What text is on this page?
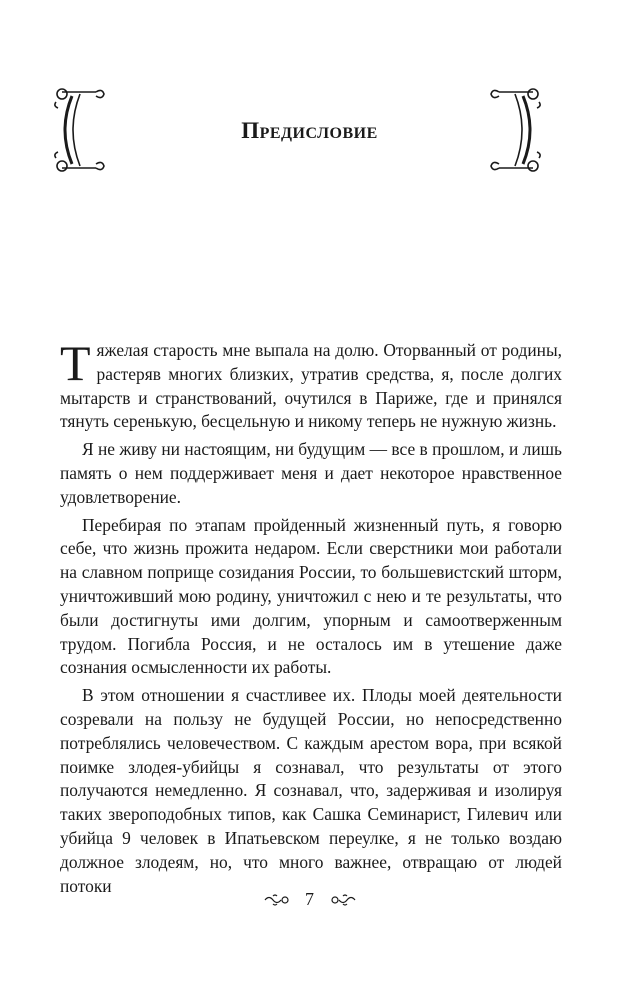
Предисловие

Тяжелая старость мне выпала на долю. Оторванный от родины, растеряв многих близких, утратив средства, я, после долгих мытарств и странствований, очутился в Париже, где и принялся тянуть серенькую, бесцельную и никому теперь не нужную жизнь.

Я не живу ни настоящим, ни будущим — все в прошлом, и лишь память о нем поддерживает меня и дает некоторое нравственное удовлетворение.

Перебирая по этапам пройденный жизненный путь, я говорю себе, что жизнь прожита недаром. Если сверстники мои работали на славном поприще созидания России, то большевистский шторм, уничтоживший мою родину, уничтожил с нею и те результаты, что были достигнуты ими долгим, упорным и самоотверженным трудом. Погибла Россия, и не осталось им в утешение даже сознания осмысленности их работы.

В этом отношении я счастливее их. Плоды моей деятельности созревали на пользу не будущей России, но непосредственно потреблялись человечеством. С каждым арестом вора, при всякой поимке злодея-убийцы я сознавал, что результаты от этого получаются немедленно. Я сознавал, что, задерживая и изолируя таких звероподобных типов, как Сашка Семинарист, Гилевич или убийца 9 человек в Ипатьевском переулке, я не только воздаю должное злодеям, но, что много важнее, отвращаю от людей потоки

7
